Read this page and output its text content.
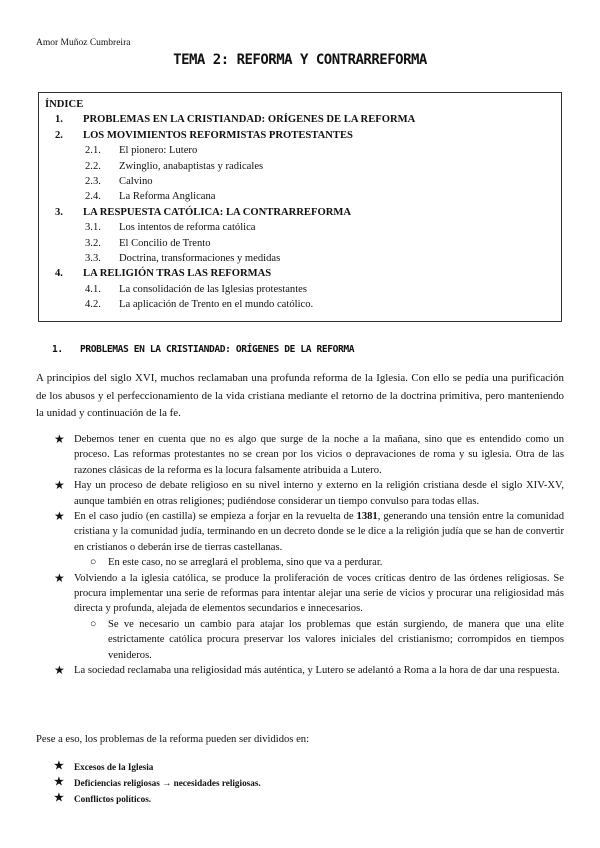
Amor Muñoz Cumbreira
TEMA 2: REFORMA Y CONTRARREFORMA
ÍNDICE
1. PROBLEMAS EN LA CRISTIANDAD: ORÍGENES DE LA REFORMA
2. LOS MOVIMIENTOS REFORMISTAS PROTESTANTES
2.1. El pionero: Lutero
2.2. Zwinglio, anabaptistas y radicales
2.3. Calvino
2.4. La Reforma Anglicana
3. LA RESPUESTA CATÓLICA: LA CONTRARREFORMA
3.1. Los intentos de reforma católica
3.2. El Concilio de Trento
3.3. Doctrina, transformaciones y medidas
4. LA RELIGIÓN TRAS LAS REFORMAS
4.1. La consolidación de las Iglesias protestantes
4.2. La aplicación de Trento en el mundo católico.
1. PROBLEMAS EN LA CRISTIANDAD: ORÍGENES DE LA REFORMA
A principios del siglo XVI, muchos reclamaban una profunda reforma de la Iglesia. Con ello se pedía una purificación de los abusos y el perfeccionamiento de la vida cristiana mediante el retorno de la doctrina primitiva, pero manteniendo la unidad y continuación de la fe.
★ Debemos tener en cuenta que no es algo que surge de la noche a la mañana, sino que es entendido como un proceso. Las reformas protestantes no se crean por los vicios o depravaciones de roma y su iglesia. Otra de las razones clásicas de la reforma es la locura falsamente atribuida a Lutero.
★ Hay un proceso de debate religioso en su nivel interno y externo en la religión cristiana desde el siglo XIV-XV, aunque también en otras religiones; pudiéndose considerar un tiempo convulso para todas ellas.
★ En el caso judío (en castilla) se empieza a forjar en la revuelta de 1381, generando una tensión entre la comunidad cristiana y la comunidad judía, terminando en un decreto donde se le dice a la religión judía que se han de convertir en cristianos o deberán irse de tierras castellanas.
○ En este caso, no se arreglará el problema, sino que va a perdurar.
★ Volviendo a la iglesia católica, se produce la proliferación de voces críticas dentro de las órdenes religiosas. Se procura implementar una serie de reformas para intentar alejar una serie de vicios y procurar una religiosidad más directa y profunda, alejada de elementos secundarios e innecesarios.
○ Se ve necesario un cambio para atajar los problemas que están surgiendo, de manera que una elite estrictamente católica procura preservar los valores iniciales del cristianismo; corrompidos en tiempos venideros.
★ La sociedad reclamaba una religiosidad más auténtica, y Lutero se adelantó a Roma a la hora de dar una respuesta.
Pese a eso, los problemas de la reforma pueden ser divididos en:
★ Excesos de la Iglesia
★ Deficiencias religiosas → necesidades religiosas.
★ Conflictos políticos.
